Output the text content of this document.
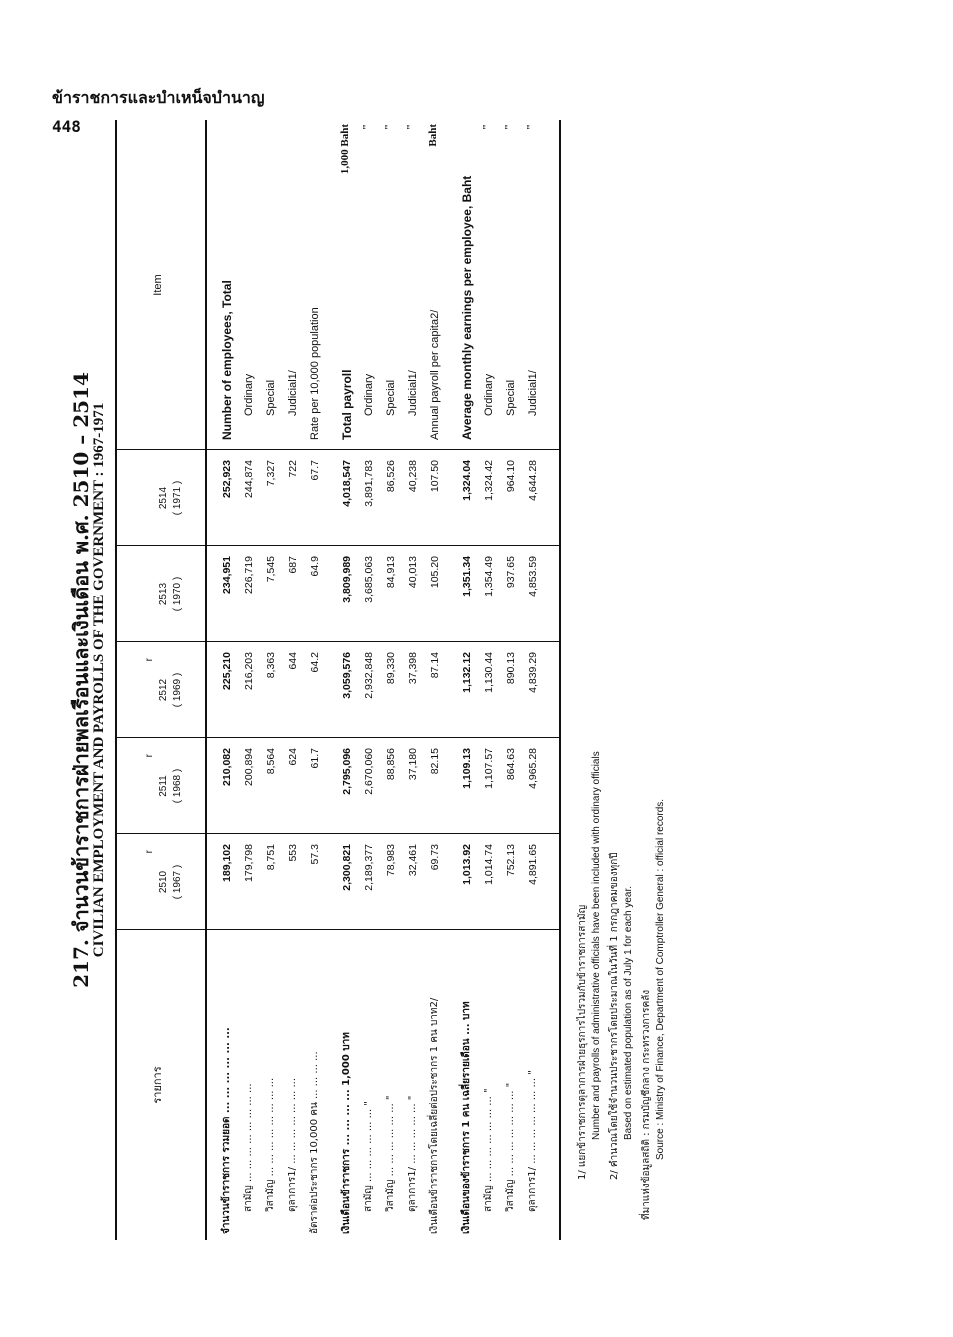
ข้าราชการและบำเหน็จบำนาญ
448
217. จำนวนข้าราชการฝ่ายพลเรือนและเงินเดือน พ.ศ. 2510 – 2514
CIVILIAN EMPLOYMENT AND PAYROLLS OF THE GOVERNMENT : 1967-1971
รายการ
Item
r
2510 ( 1967 )
r
2511 ( 1968 )
r
2512 ( 1969 )
2513 ( 1970 )
2514 ( 1971 )
จำนวนข้าราชการ รวมยอด ... ... ... ... ... ...
189,102
210,082
225,210
234,951
252,923
Number of employees, Total
สามัญ ... ... ... ... ... ... ... ...
179,798
200,894
216,203
226,719
244,874
Ordinary
วิสามัญ ... ... ... ... ... ... ... ...
8,751
8,564
8,363
7,545
7,327
Special
ตุลาการ1/ ... ... ... ... ... ... ...
553
624
644
687
722
Judicial1/
อัตราต่อประชากร 10,000 คน ... ... ... ...
57.3
61.7
64.2
64.9
67.7
Rate per 10,000 population
เงินเดือนข้าราชการ ... ... ... ... 1,000 บาท
2,300,821
2,795,096
3,059,576
3,809,989
4,018,547
Total payroll
1,000 Baht
สามัญ ... ... ... ... ... ... "
2,189,377
2,670,060
2,932,848
3,685,063
3,891,783
Ordinary
"
วิสามัญ ... ... ... ... ... ... "
78,983
88,856
89,330
84,913
86,526
Special
"
ตุลาการ1/ ... ... ... ... ... "
32,461
37,180
37,398
40,013
40,238
Judicial1/
"
เงินเดือนข้าราชการโดยเฉลี่ยต่อประชากร 1 คน บาท2/
69.73
82.15
87.14
105.20
107.50
Annual payroll per capita2/
Baht
เงินเดือนของข้าราชการ 1 คน เฉลี่ยรายเดือน ... บาท
1,013.92
1,109.13
1,132.12
1,351.34
1,324.04
Average monthly earnings per employee, Baht
สามัญ ... ... ... ... ... ... ... "
1,014.74
1,107.57
1,130.44
1,354.49
1,324.42
Ordinary
"
วิสามัญ ... ... ... ... ... ... ... "
752.13
864.63
890.13
937.65
964.10
Special
"
ตุลาการ1/ ... ... ... ... ... ... ... "
4,891.65
4,965.28
4,839.29
4,853.59
4,644.28
Judicial1/
"
1/ แยกข้าราชการตุลาการฝ่ายธุรการไปรวมกับข้าราชการสามัญ Number and payrolls of administrative officials have been included with ordinary officials 2/ คำนวณโดยใช้จำนวนประชากรโดยประมาณในวันที่ 1 กรกฎาคมของทุกปี Based on estimated population as of July 1 for each year. ที่มาแห่งข้อมูลสถิติ : กรมบัญชีกลาง กระทรวงการคลัง Source : Ministry of Finance, Department of Comptroller General : official records.
